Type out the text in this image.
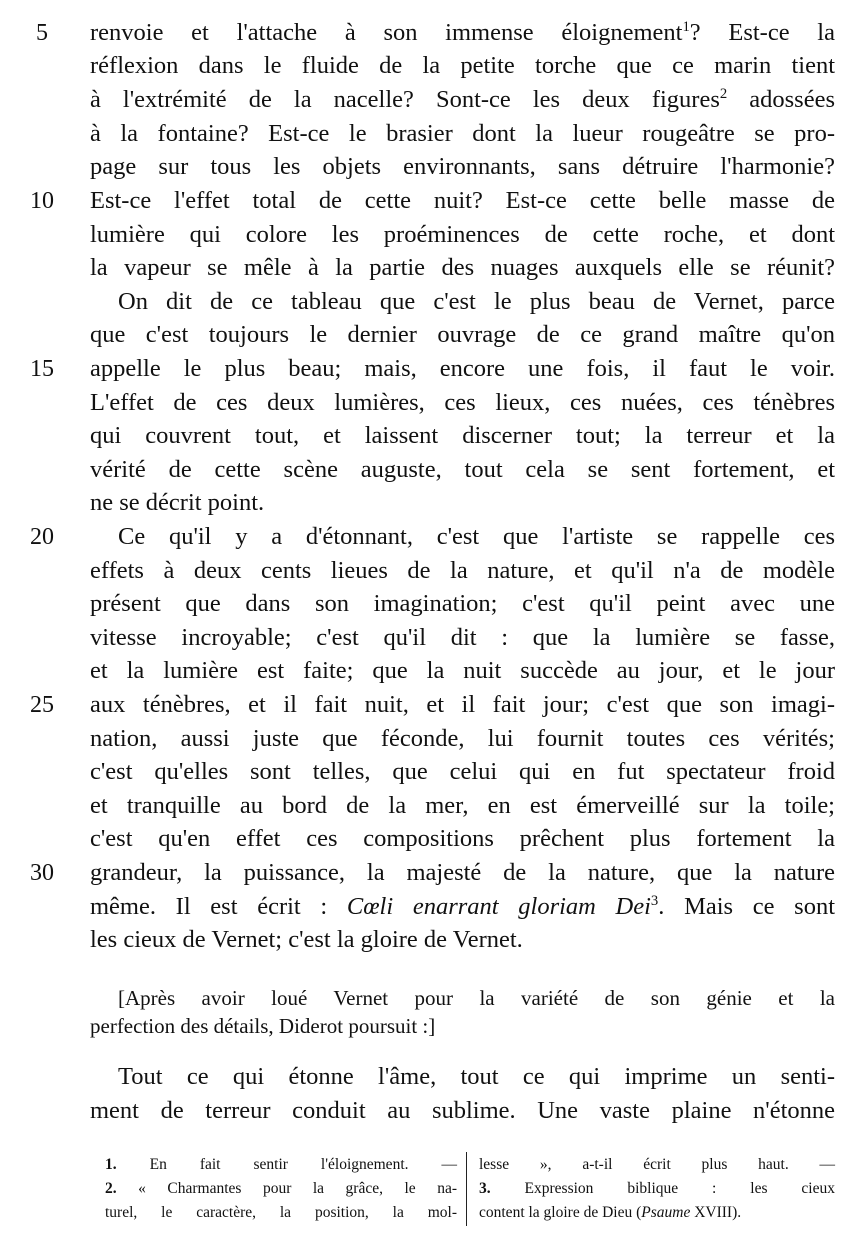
5
10
15
20
25
30
renvoie et l'attache à son immense éloignement$^1$? Est-ce la
réflexion dans le fluide de la petite torche que ce marin tient
à l'extrémité de la nacelle? Sont-ce les deux figures$^2$ adossées
à la fontaine? Est-ce le brasier dont la lueur rougeâtre se pro-
page sur tous les objets environnants, sans détruire l'harmonie?
Est-ce l'effet total de cette nuit? Est-ce cette belle masse de
lumière qui colore les proéminences de cette roche, et dont
la vapeur se mêle à la partie des nuages auxquels elle se réunit?
On dit de ce tableau que c'est le plus beau de Vernet, parce
que c'est toujours le dernier ouvrage de ce grand maître qu'on
appelle le plus beau; mais, encore une fois, il faut le voir.
L'effet de ces deux lumières, ces lieux, ces nuées, ces ténèbres
qui couvrent tout, et laissent discerner tout; la terreur et la
vérité de cette scène auguste, tout cela se sent fortement, et
ne se décrit point.
Ce qu'il y a d'étonnant, c'est que l'artiste se rappelle ces
effets à deux cents lieues de la nature, et qu'il n'a de modèle
présent que dans son imagination; c'est qu'il peint avec une
vitesse incroyable; c'est qu'il dit : que la lumière se fasse,
et la lumière est faite; que la nuit succède au jour, et le jour
aux ténèbres, et il fait nuit, et il fait jour; c'est que son imagi-
nation, aussi juste que féconde, lui fournit toutes ces vérités;
c'est qu'elles sont telles, que celui qui en fut spectateur froid
et tranquille au bord de la mer, en est émerveillé sur la toile;
c'est qu'en effet ces compositions prêchent plus fortement la
grandeur, la puissance, la majesté de la nature, que la nature
même. Il est écrit : Cœli enarrant gloriam Dei$^3$. Mais ce sont
les cieux de Vernet; c'est la gloire de Vernet.
[Après avoir loué Vernet pour la variété de son génie et la
perfection des détails, Diderot poursuit :]
Tout ce qui étonne l'âme, tout ce qui imprime un senti-
ment de terreur conduit au sublime. Une vaste plaine n'étonne
1. En fait sentir l'éloignement. —
2. « Charmantes pour la grâce, le na-
turel, le caractère, la position, la mol-
lesse », a-t-il écrit plus haut. —
3. Expression biblique : les cieux
content la gloire de Dieu (Psaume XVIII).
